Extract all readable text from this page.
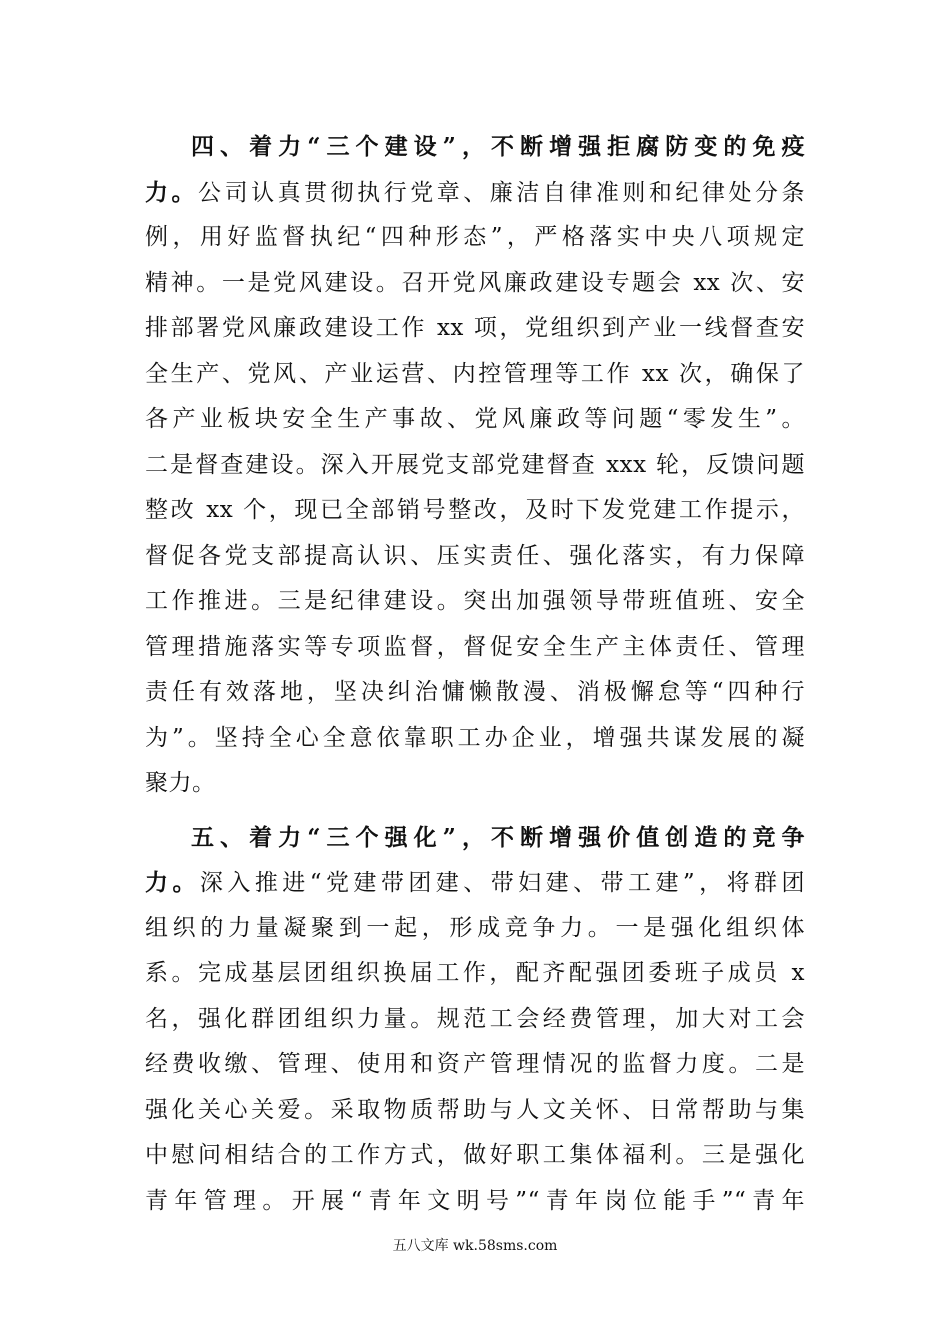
四、着力“三个建设”，不断增强拒腐防变的免疫
力。公司认真贯彻执行党章、廉洁自律准则和纪律处分条
例，用好监督执纪“四种形态”，严格落实中央八项规定
精神。一是党风建设。召开党风廉政建设专题会 xx 次、安
排部署党风廉政建设工作 xx 项，党组织到产业一线督查安
全生产、党风、产业运营、内控管理等工作 xx 次，确保了
各产业板块安全生产事故、党风廉政等问题“零发生”。
二是督查建设。深入开展党支部党建督查 xxx 轮，反馈问题
整改 xx 个，现已全部销号整改，及时下发党建工作提示，
督促各党支部提高认识、压实责任、强化落实，有力保障
工作推进。三是纪律建设。突出加强领导带班值班、安全
管理措施落实等专项监督，督促安全生产主体责任、管理
责任有效落地，坚决纠治慵懒散漫、消极懈怠等“四种行
为”。坚持全心全意依靠职工办企业，增强共谋发展的凝
聚力。
五、着力“三个强化”，不断增强价值创造的竞争
力。深入推进“党建带团建、带妇建、带工建”，将群团
组织的力量凝聚到一起，形成竞争力。一是强化组织体
系。完成基层团组织换届工作，配齐配强团委班子成员 x
名，强化群团组织力量。规范工会经费管理，加大对工会
经费收缴、管理、使用和资产管理情况的监督力度。二是
强化关心关爱。采取物质帮助与人文关怀、日常帮助与集
中慰问相结合的工作方式，做好职工集体福利。三是强化
青年管理。开展“青年文明号”“青年岗位能手”“青年
五八文库 wk.58sms.com
